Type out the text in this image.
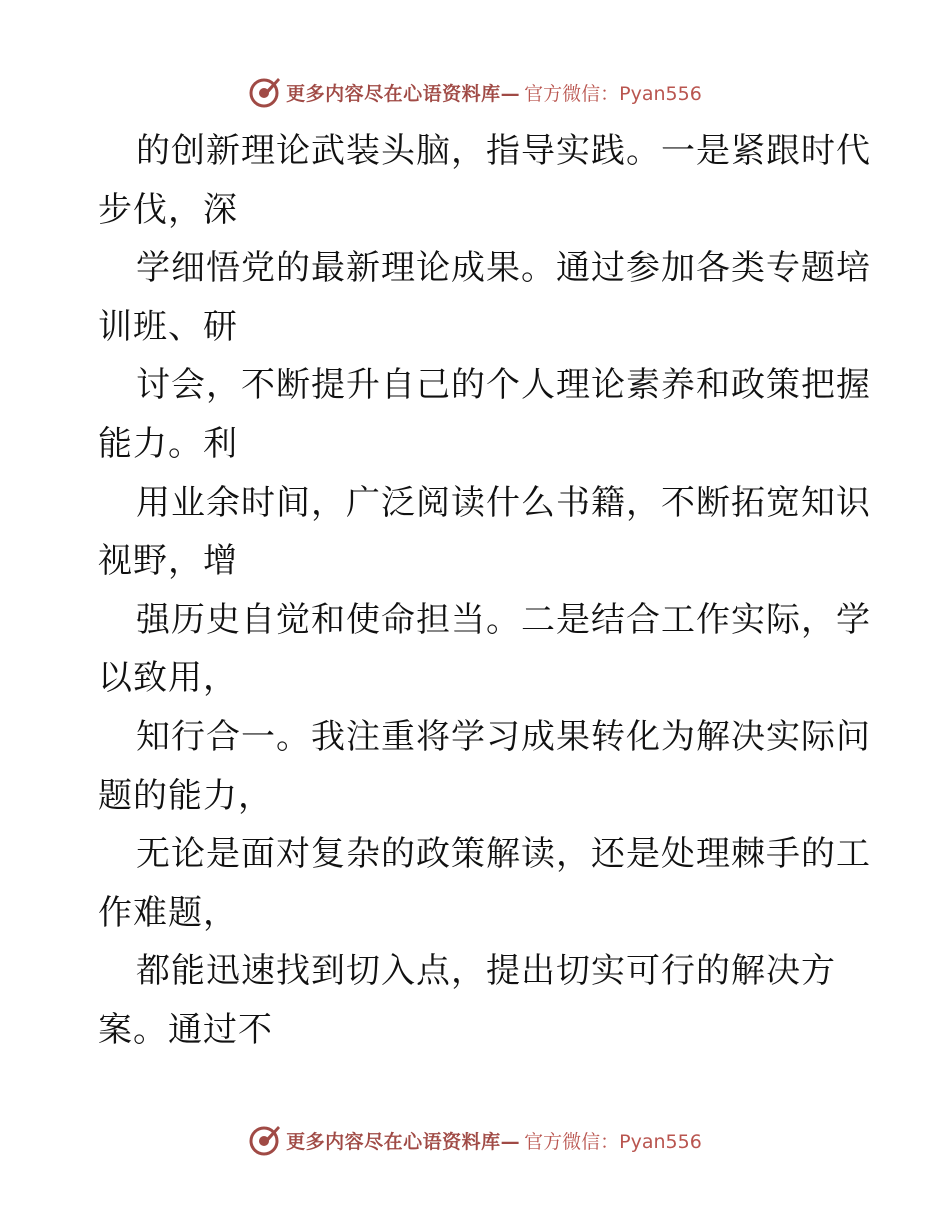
更多内容尽在心语资料库— 官方微信：Pyan556
的创新理论武装头脑，指导实践。一是紧跟时代
步伐，深
学细悟党的最新理论成果。通过参加各类专题培
训班、研
讨会，不断提升自己的个人理论素养和政策把握
能力。利
用业余时间，广泛阅读什么书籍，不断拓宽知识
视野，增
强历史自觉和使命担当。二是结合工作实际，学
以致用，
知行合一。我注重将学习成果转化为解决实际问
题的能力，
无论是面对复杂的政策解读，还是处理棘手的工
作难题，
都能迅速找到切入点，提出切实可行的解决方
案。通过不
更多内容尽在心语资料库— 官方微信：Pyan556
